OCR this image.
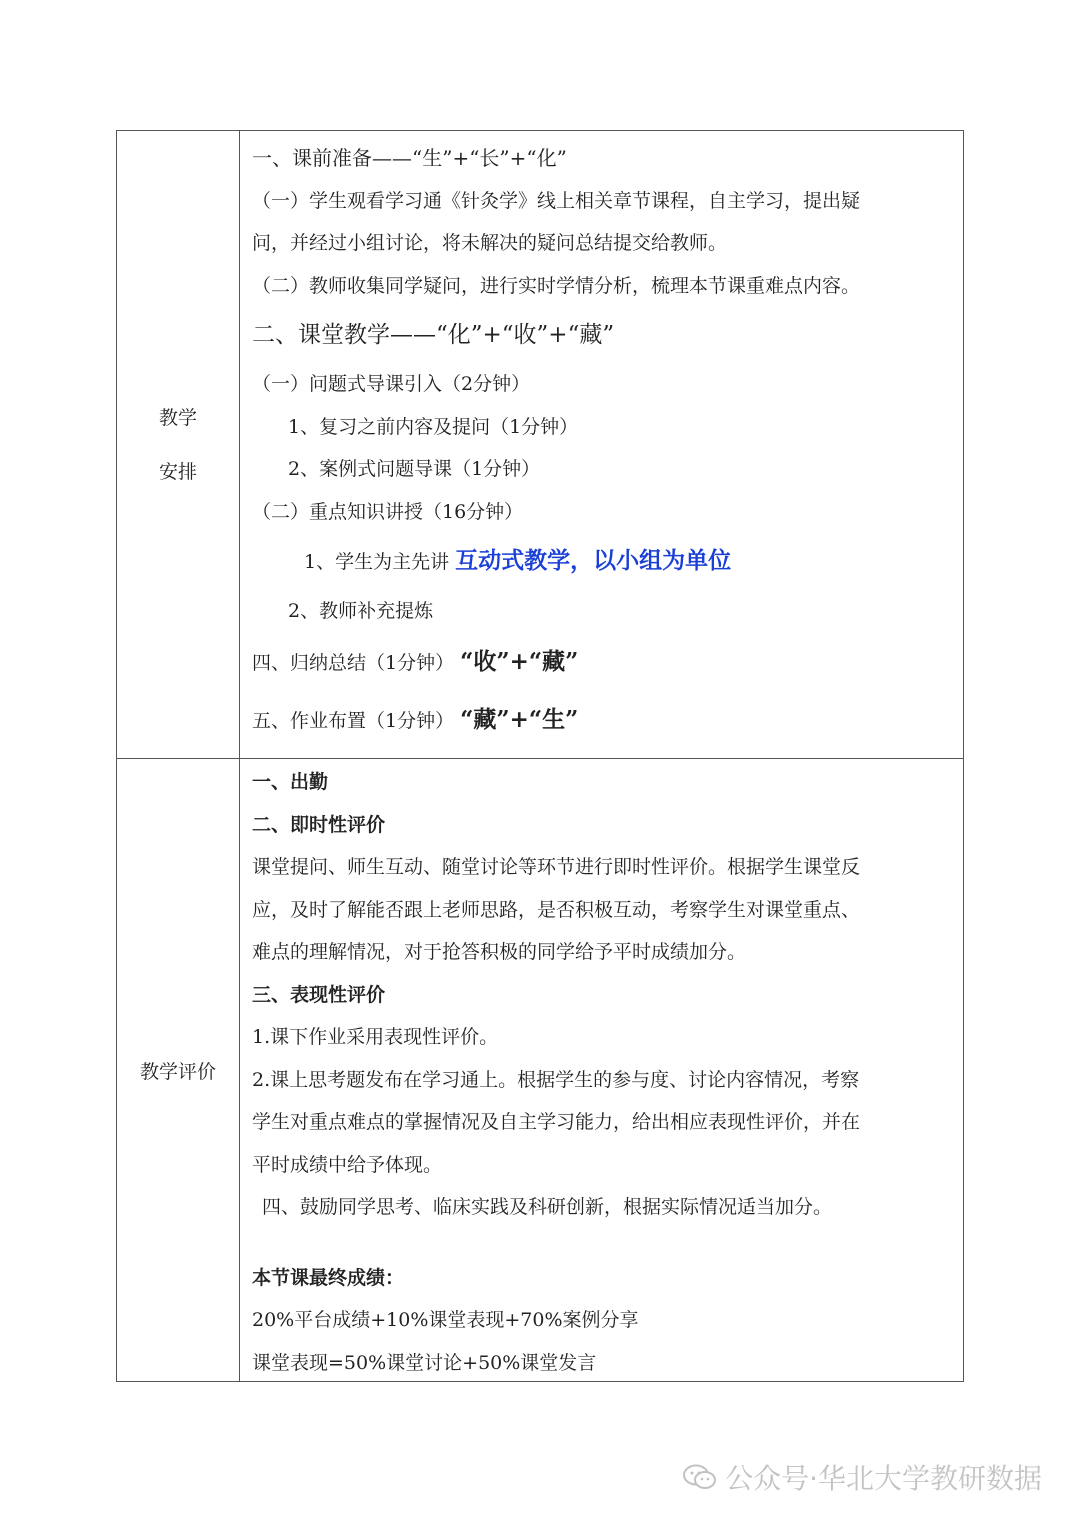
教学
安排
一、课前准备——“生”+“长”+“化”
（一）学生观看学习通《针灸学》线上相关章节课程，自主学习，提出疑
问，并经过小组讨论，将未解决的疑问总结提交给教师。
（二）教师收集同学疑问，进行实时学情分析，梳理本节课重难点内容。
二、课堂教学——“化”+“收”+“藏”
（一）问题式导课引入（2分钟）
1、复习之前内容及提问（1分钟）
2、案例式问题导课（1分钟）
（二）重点知识讲授（16分钟）
1、学生为主先讲 互动式教学，以小组为单位
2、教师补充提炼
四、归纳总结（1分钟） “收”+“藏”
五、作业布置（1分钟） “藏”+“生”
教学评价
一、出勤
二、即时性评价
课堂提问、师生互动、随堂讨论等环节进行即时性评价。根据学生课堂反
应，及时了解能否跟上老师思路，是否积极互动，考察学生对课堂重点、
难点的理解情况，对于抢答积极的同学给予平时成绩加分。
三、表现性评价
1.课下作业采用表现性评价。
2.课上思考题发布在学习通上。根据学生的参与度、讨论内容情况，考察
学生对重点难点的掌握情况及自主学习能力，给出相应表现性评价，并在
平时成绩中给予体现。
四、鼓励同学思考、临床实践及科研创新，根据实际情况适当加分。
本节课最终成绩：
20%平台成绩+10%课堂表现+70%案例分享
课堂表现=50%课堂讨论+50%课堂发言
公众号·华北大学教研数据
